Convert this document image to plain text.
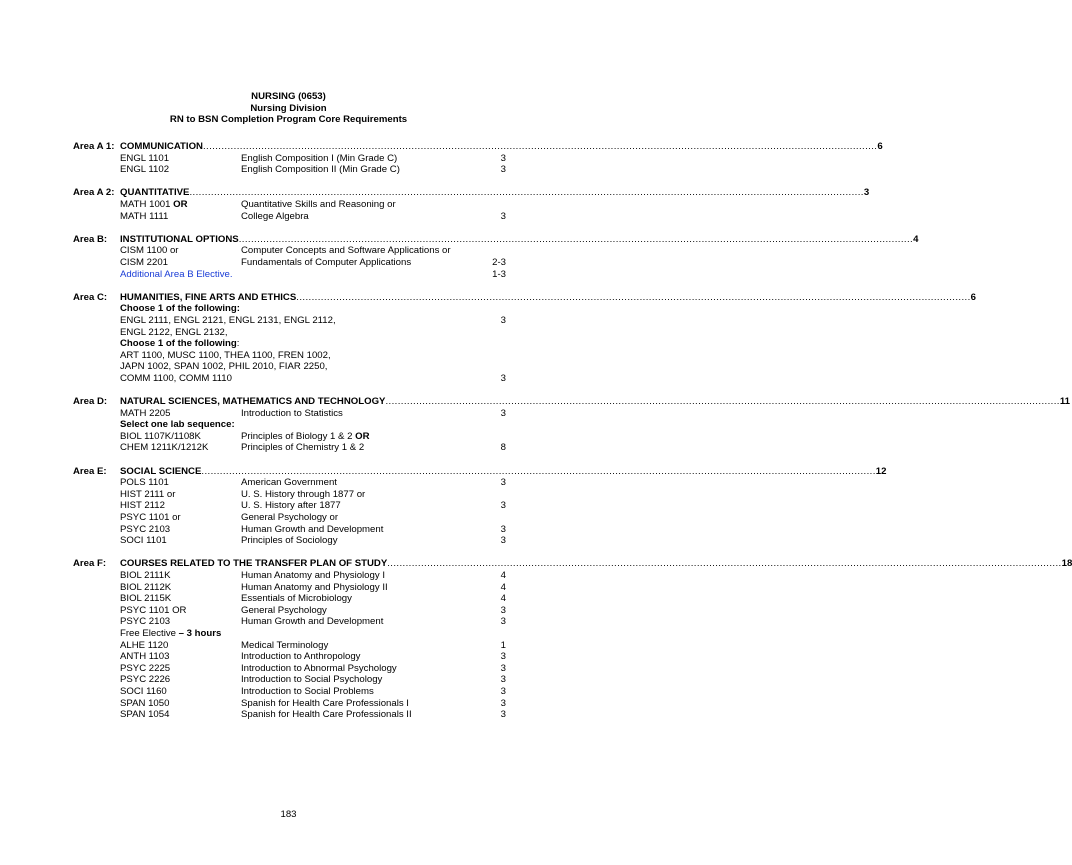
NURSING (0653)
Nursing Division
RN to BSN Completion Program Core Requirements
Area A 1: COMMUNICATION ............................................................................................................................................................................................................................ 6
ENGL 1101	English Composition I (Min Grade C)	3
ENGL 1102	English Composition II (Min Grade C)	3
Area A 2: QUANTITATIVE ............................................................................................................................................................................................................................ 3
MATH 1001 OR	Quantitative Skills and Reasoning or
MATH 1111	College Algebra	3
Area B: INSTITUTIONAL OPTIONS ............................................................................................................................................................................................................................ 4
CISM 1100 or	Computer Concepts and Software Applications or
CISM 2201	Fundamentals of Computer Applications	2-3
Additional Area B Elective.	1-3
Area C: HUMANITIES, FINE ARTS AND ETHICS ............................................................................................................................................................................................................................ 6
Choose 1 of the following:
ENGL 2111, ENGL 2121, ENGL 2131, ENGL 2112,	3
ENGL 2122, ENGL 2132,
Choose 1 of the following:
ART 1100, MUSC 1100, THEA 1100, FREN 1002,
JAPN 1002, SPAN 1002, PHIL 2010, FIAR 2250,
COMM 1100, COMM 1110	3
Area D: NATURAL SCIENCES, MATHEMATICS AND TECHNOLOGY ............................................................................................................................................................................................................................ 11
MATH 2205	Introduction to Statistics	3
Select one lab sequence:
BIOL 1107K/1108K	Principles of Biology 1 & 2 OR
CHEM 1211K/1212K	Principles of Chemistry 1 & 2	8
Area E: SOCIAL SCIENCE ............................................................................................................................................................................................................................ 12
POLS 1101	American Government	3
HIST 2111 or	U. S. History through 1877 or
HIST 2112	U. S. History after 1877	3
PSYC 1101 or	General Psychology or
PSYC 2103	Human Growth and Development	3
SOCI 1101	Principles of Sociology	3
Area F: COURSES RELATED TO THE TRANSFER PLAN OF STUDY ............................................................................................................................................................................................................................ 18
BIOL 2111K	Human Anatomy and Physiology I	4
BIOL 2112K	Human Anatomy and Physiology II	4
BIOL 2115K	Essentials of Microbiology	4
PSYC 1101 OR	General Psychology	3
PSYC 2103	Human Growth and Development	3
Free Elective – 3 hours
ALHE 1120	Medical Terminology	1
ANTH 1103	Introduction to Anthropology	3
PSYC 2225	Introduction to Abnormal Psychology	3
PSYC 2226	Introduction to Social Psychology	3
SOCI 1160	Introduction to Social Problems	3
SPAN 1050	Spanish for Health Care Professionals I	3
SPAN 1054	Spanish for Health Care Professionals II	3
183
